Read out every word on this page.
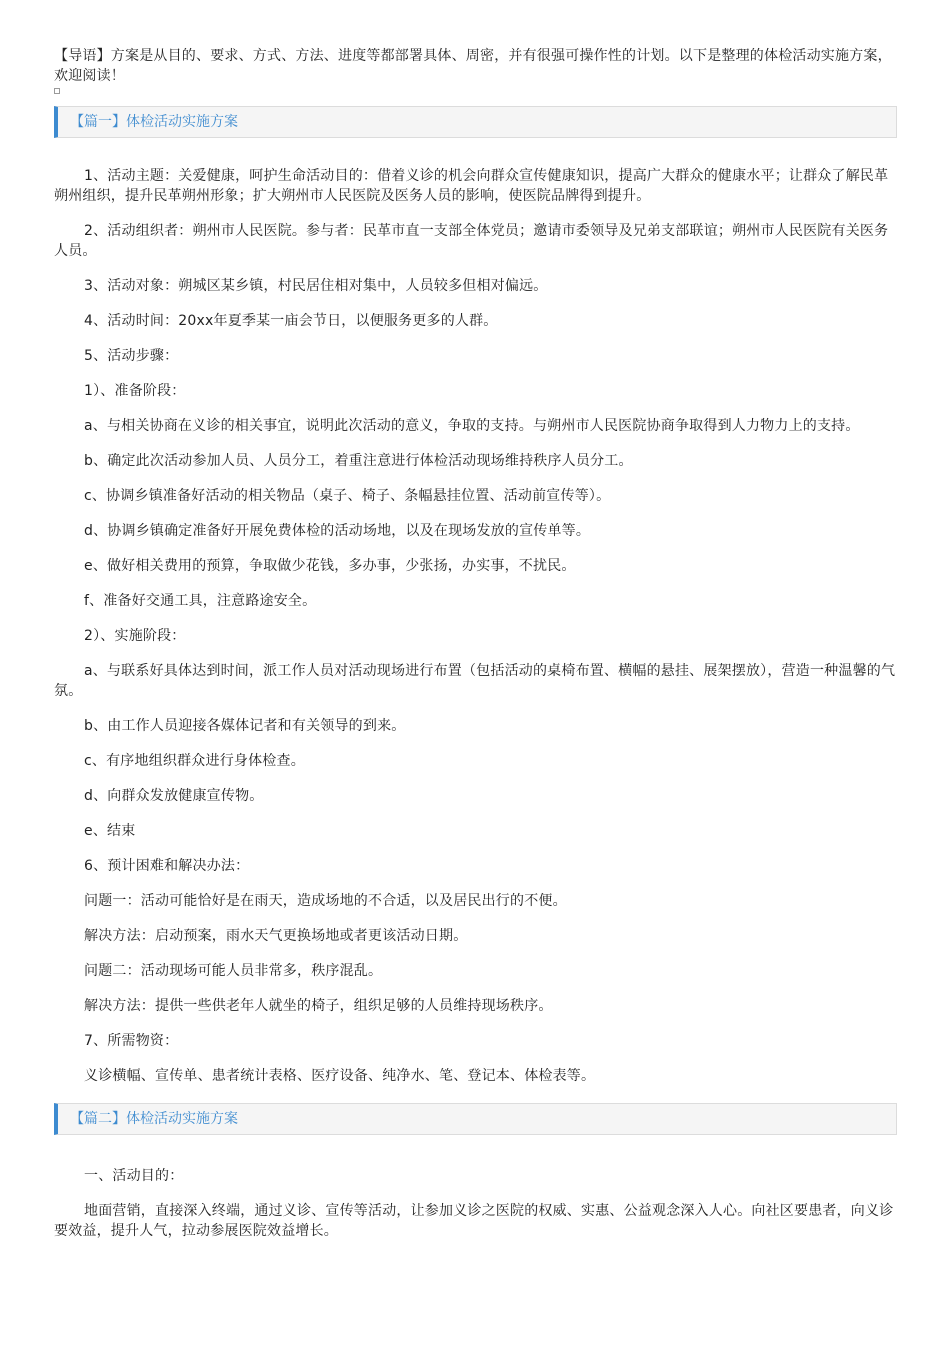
【导语】方案是从目的、要求、方式、方法、进度等都部署具体、周密，并有很强可操作性的计划。以下是整理的体检活动实施方案，欢迎阅读！
【篇一】体检活动实施方案

1、活动主题：关爱健康，呵护生命活动目的：借着义诊的机会向群众宣传健康知识，提高广大群众的健康水平；让群众了解民革朔州组织，提升民革朔州形象；扩大朔州市人民医院及医务人员的影响，使医院品牌得到提升。

2、活动组织者：朔州市人民医院。参与者：民革市直一支部全体党员；邀请市委领导及兄弟支部联谊；朔州市人民医院有关医务人员。

3、活动对象：朔城区某乡镇，村民居住相对集中，人员较多但相对偏远。

4、活动时间：20xx年夏季某一庙会节日，以便服务更多的人群。

5、活动步骤：

1）、准备阶段：

a、与相关协商在义诊的相关事宜，说明此次活动的意义，争取的支持。与朔州市人民医院协商争取得到人力物力上的支持。

b、确定此次活动参加人员、人员分工，着重注意进行体检活动现场维持秩序人员分工。

c、协调乡镇准备好活动的相关物品（桌子、椅子、条幅悬挂位置、活动前宣传等）。

d、协调乡镇确定准备好开展免费体检的活动场地，以及在现场发放的宣传单等。

e、做好相关费用的预算，争取做少花钱，多办事，少张扬，办实事，不扰民。

f、准备好交通工具，注意路途安全。

2）、实施阶段：

a、与联系好具体达到时间，派工作人员对活动现场进行布置（包括活动的桌椅布置、横幅的悬挂、展架摆放），营造一种温馨的气氛。

b、由工作人员迎接各媒体记者和有关领导的到来。

c、有序地组织群众进行身体检查。

d、向群众发放健康宣传物。

e、结束

6、预计困难和解决办法：

问题一：活动可能恰好是在雨天，造成场地的不合适，以及居民出行的不便。

解决方法：启动预案，雨水天气更换场地或者更该活动日期。

问题二：活动现场可能人员非常多，秩序混乱。

解决方法：提供一些供老年人就坐的椅子，组织足够的人员维持现场秩序。

7、所需物资：

义诊横幅、宣传单、患者统计表格、医疗设备、纯净水、笔、登记本、体检表等。

【篇二】体检活动实施方案

一、活动目的：

地面营销，直接深入终端，通过义诊、宣传等活动，让参加义诊之医院的权威、实惠、公益观念深入人心。向社区要患者，向义诊要效益，提升人气，拉动参展医院效益增长。
